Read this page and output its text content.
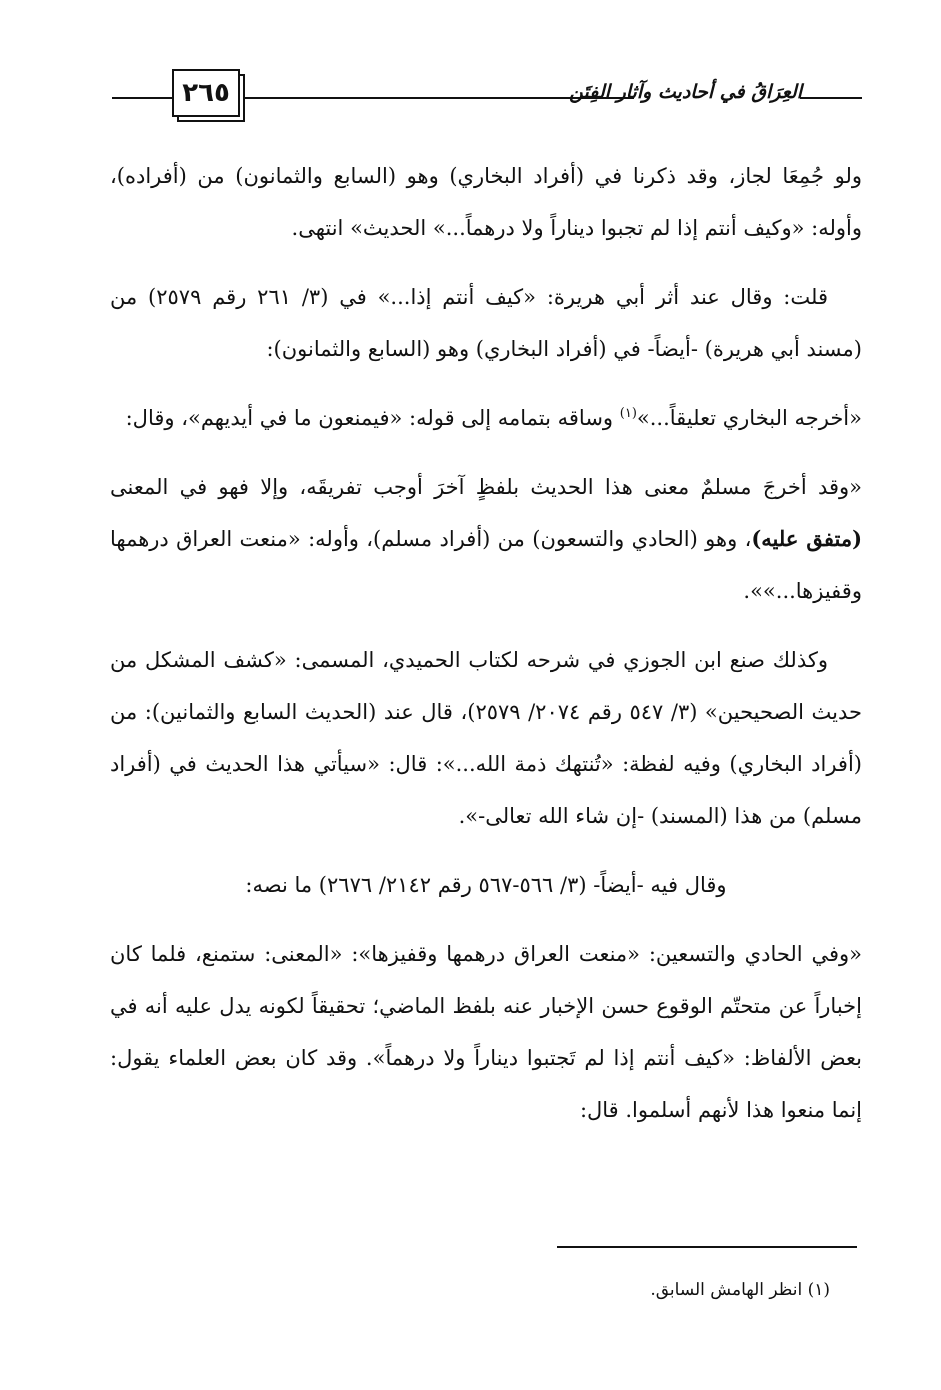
٢٦٥	العِرَاقُ في أحاديث وآثار الفِتَن

ولو جُمِعَا لجاز، وقد ذكرنا في (أفراد البخاري) وهو (السابع والثمانون) من (أفراده)، وأوله: «وكيف أنتم إذا لم تجبوا ديناراً ولا درهماً...» الحديث» انتهى.

قلت: وقال عند أثر أبي هريرة: «كيف أنتم إذا...» في (٣/ ٢٦١ رقم ٢٥٧٩) من (مسند أبي هريرة) -أيضاً- في (أفراد البخاري) وهو (السابع والثمانون):

«أخرجه البخاري تعليقاً...»$^{(١)}$ وساقه بتمامه إلى قوله: «فيمنعون ما في أيديهم»، وقال:

«وقد أخرجَ مسلمٌ معنى هذا الحديث بلفظٍ آخرَ أوجب تفريقَه، وإلا فهو في المعنى (متفق عليه)، وهو (الحادي والتسعون) من (أفراد مسلم)، وأوله: «منعت العراق درهمها وقفيزها...»».

وكذلك صنع ابن الجوزي في شرحه لكتاب الحميدي، المسمى: «كشف المشكل من حديث الصحيحين» (٣/ ٥٤٧ رقم ٢٠٧٤/ ٢٥٧٩)، قال عند (الحديث السابع والثمانين): من (أفراد البخاري) وفيه لفظة: «تُنتهك ذمة الله...»: قال: «سيأتي هذا الحديث في (أفراد مسلم) من هذا (المسند) -إن شاء الله تعالى-».

وقال فيه -أيضاً- (٣/ ٥٦٦-٥٦٧ رقم ٢١٤٢/ ٢٦٧٦) ما نصه:

«وفي الحادي والتسعين: «منعت العراق درهمها وقفيزها»: «المعنى: ستمنع، فلما كان إخباراً عن متحتّم الوقوع حسن الإخبار عنه بلفظ الماضي؛ تحقيقاً لكونه يدل عليه أنه في بعض الألفاظ: «كيف أنتم إذا لم تَجتبوا ديناراً ولا درهماً». وقد كان بعض العلماء يقول: إنما منعوا هذا لأنهم أسلموا. قال:

(١) انظر الهامش السابق.
